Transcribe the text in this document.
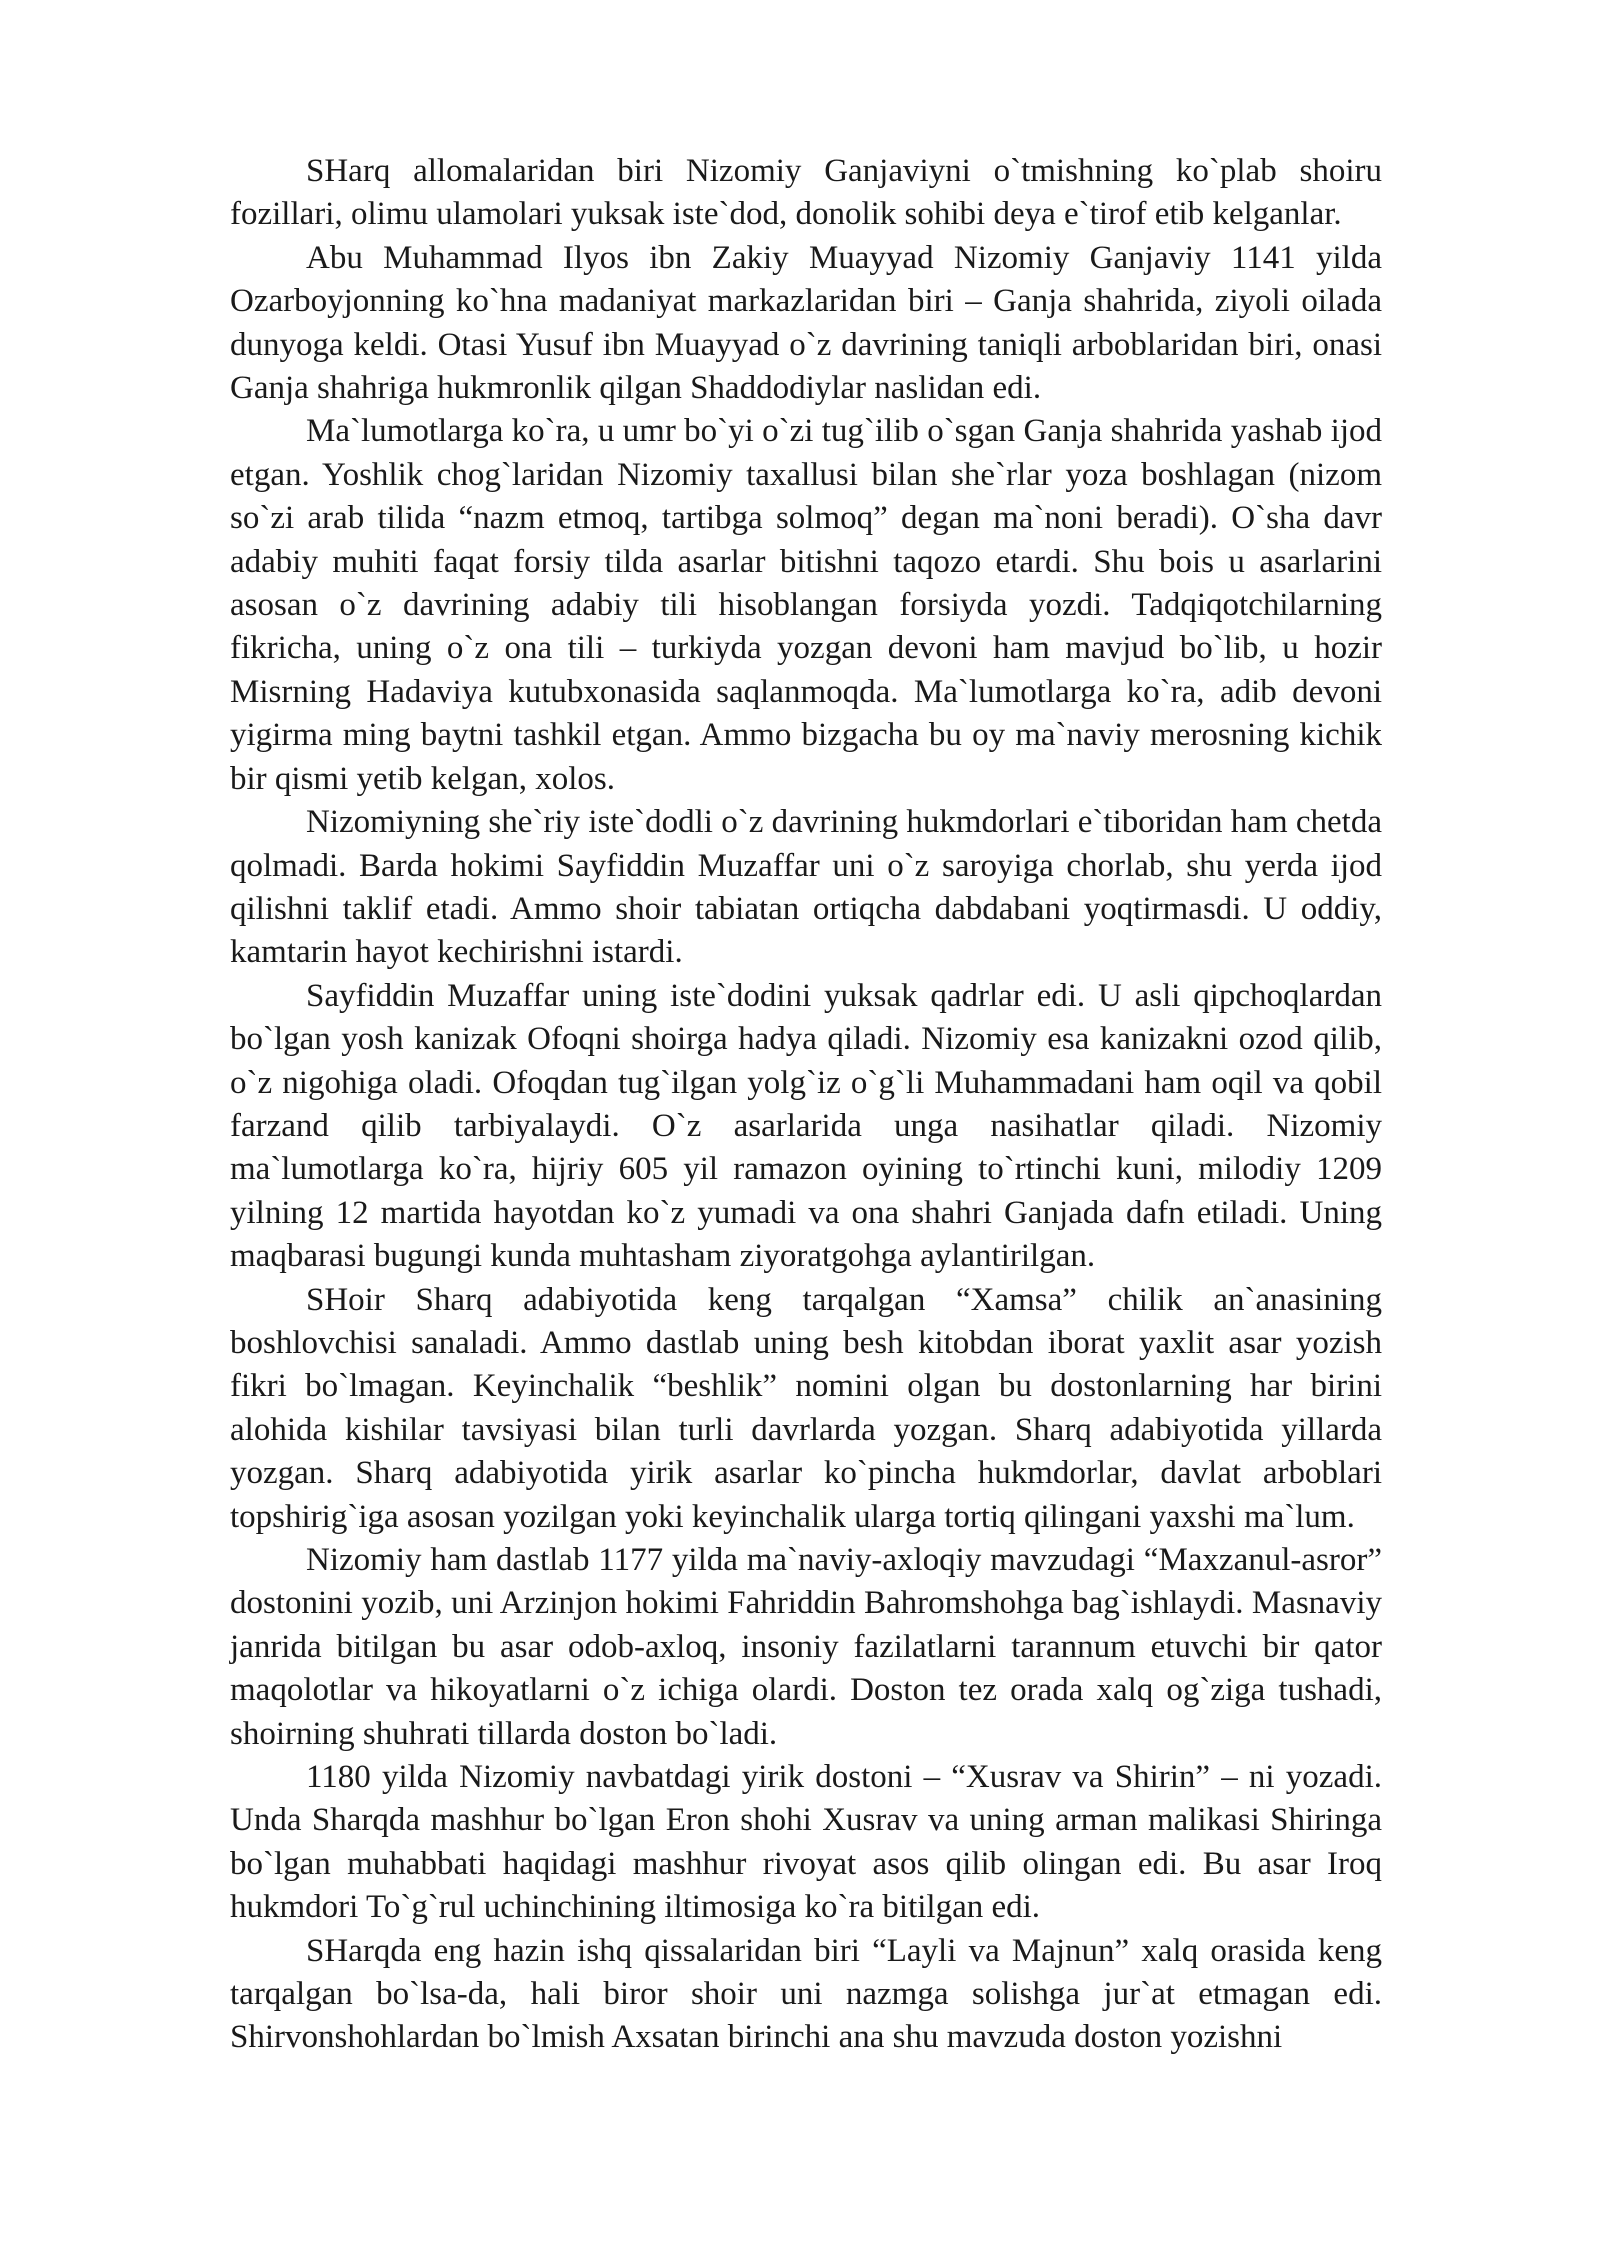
SHarq allomalaridan biri Nizomiy Ganjaviyni o`tmishning ko`plab shoiru fozillari, olimu ulamolari yuksak iste`dod, donolik sohibi deya e`tirof etib kelganlar.

Abu Muhammad Ilyos ibn Zakiy Muayyad Nizomiy Ganjaviy 1141 yilda Ozarboyjonning ko`hna madaniyat markazlaridan biri – Ganja shahrida, ziyoli oilada dunyoga keldi. Otasi Yusuf ibn Muayyad o`z davrining taniqli arboblaridan biri, onasi Ganja shahriga hukmronlik qilgan Shaddodiylar naslidan edi.

Ma`lumotlarga ko`ra, u umr bo`yi o`zi tug`ilib o`sgan Ganja shahrida yashab ijod etgan. Yoshlik chog`laridan Nizomiy taxallusi bilan she`rlar yoza boshlagan (nizom so`zi arab tilida “nazm etmoq, tartibga solmoq” degan ma`noni beradi). O`sha davr adabiy muhiti faqat forsiy tilda asarlar bitishni taqozo etardi. Shu bois u asarlarini asosan o`z davrining adabiy tili hisoblangan forsiyda yozdi. Tadqiqotchilarning fikricha, uning o`z ona tili – turkiyda yozgan devoni ham mavjud bo`lib, u hozir Misrning Hadaviya kutubxonasida saqlanmoqda. Ma`lumotlarga ko`ra, adib devoni yigirma ming baytni tashkil etgan. Ammo bizgacha bu oy ma`naviy merosning kichik bir qismi yetib kelgan, xolos.

Nizomiyning she`riy iste`dodli o`z davrining hukmdorlari e`tiboridan ham chetda qolmadi. Barda hokimi Sayfiddin Muzaffar uni o`z saroyiga chorlab, shu yerda ijod qilishni taklif etadi. Ammo shoir tabiatan ortiqcha dabdabani yoqtirmasdi. U oddiy, kamtarin hayot kechirishni istardi.

Sayfiddin Muzaffar uning iste`dodini yuksak qadrlar edi. U asli qipchoqlardan bo`lgan yosh kanizak Ofoqni shoirga hadya qiladi. Nizomiy esa kanizakni ozod qilib, o`z nigohiga oladi. Ofoqdan tug`ilgan yolg`iz o`g`li Muhammadani ham oqil va qobil farzand qilib tarbiyalaydi. O`z asarlarida unga nasihatlar qiladi. Nizomiy ma`lumotlarga ko`ra, hijriy 605 yil ramazon oyining to`rtinchi kuni, milodiy 1209 yilning 12 martida hayotdan ko`z yumadi va ona shahri Ganjada dafn etiladi. Uning maqbarasi bugungi kunda muhtasham ziyoratgohga aylantirilgan.

SHoir Sharq adabiyotida keng tarqalgan “Xamsa” chilik an`anasining boshlovchisi sanaladi. Ammo dastlab uning besh kitobdan iborat yaxlit asar yozish fikri bo`lmagan. Keyinchalik “beshlik” nomini olgan bu dostonlarning har birini alohida kishilar tavsiyasi bilan turli davrlarda yozgan. Sharq adabiyotida yillarda yozgan. Sharq adabiyotida yirik asarlar ko`pincha hukmdorlar, davlat arboblari topshirig`iga asosan yozilgan yoki keyinchalik ularga tortiq qilingani yaxshi ma`lum.

Nizomiy ham dastlab 1177 yilda ma`naviy-axloqiy mavzudagi “Maxzanul-asror” dostonini yozib, uni Arzinjon hokimi Fahriddin Bahromshohga bag`ishlaydi. Masnaviy janrida bitilgan bu asar odob-axloq, insoniy fazilatlarni tarannum etuvchi bir qator maqolotlar va hikoyatlarni o`z ichiga olardi. Doston tez orada xalq og`ziga tushadi, shoirning shuhrati tillarda doston bo`ladi.

1180 yilda Nizomiy navbatdagi yirik dostoni – “Xusrav va Shirin” – ni yozadi. Unda Sharqda mashhur bo`lgan Eron shohi Xusrav va uning arman malikasi Shiringa bo`lgan muhabbati haqidagi mashhur rivoyat asos qilib olingan edi. Bu asar Iroq hukmdori To`g`rul uchinchining iltimosiga ko`ra bitilgan edi.

SHarqda eng hazin ishq qissalaridan biri “Layli va Majnun” xalq orasida keng tarqalgan bo`lsa-da, hali biror shoir uni nazmga solishga jur`at etmagan edi. Shirvonshohlardan bo`lmish Axsatan birinchi ana shu mavzuda doston yozishni
